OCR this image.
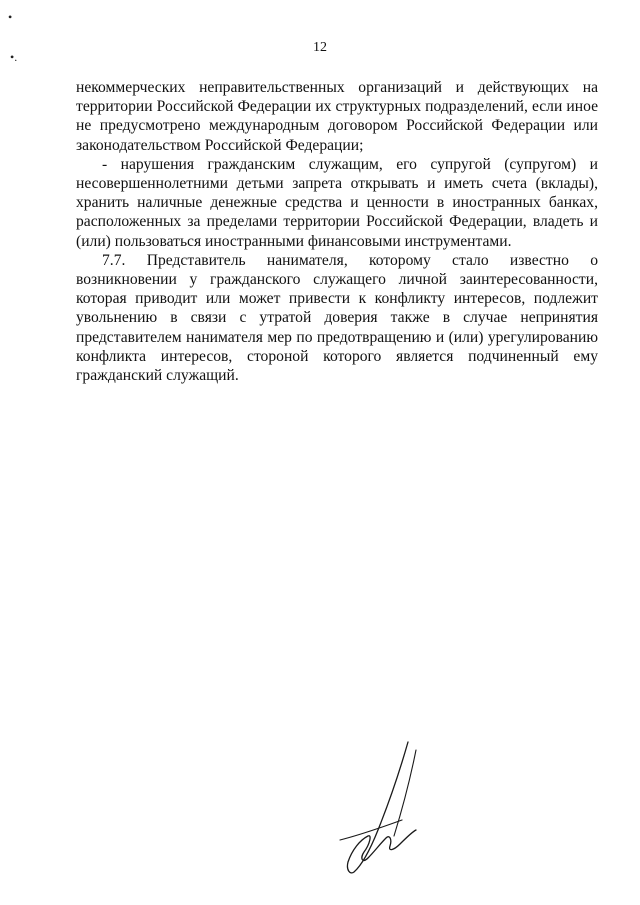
•
•.
12

некоммерческих неправительственных организаций и действующих на территории Российской Федерации их структурных подразделений, если иное не предусмотрено международным договором Российской Федерации или законодательством Российской Федерации;

- нарушения гражданским служащим, его супругой (супругом) и несовершеннолетними детьми запрета открывать и иметь счета (вклады), хранить наличные денежные средства и ценности в иностранных банках, расположенных за пределами территории Российской Федерации, владеть и (или) пользоваться иностранными финансовыми инструментами.

7.7. Представитель нанимателя, которому стало известно о возникновении у гражданского служащего личной заинтересованности, которая приводит или может привести к конфликту интересов, подлежит увольнению в связи с утратой доверия также в случае непринятия представителем нанимателя мер по предотвращению и (или) урегулированию конфликта интересов, стороной которого является подчиненный ему гражданский служащий.
